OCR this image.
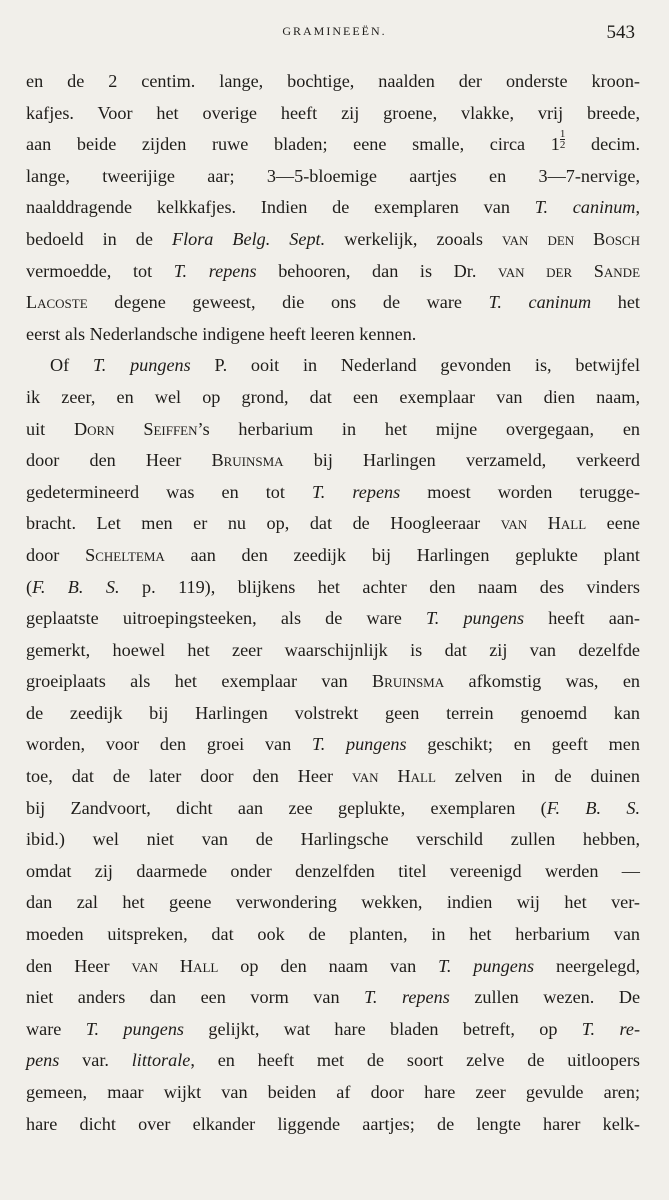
GRAMINEEËN.	543
en de 2 centim. lange, bochtige, naalden der onderste kroon-
kafjes. Voor het overige heeft zij groene, vlakke, vrij breede,
aan beide zijden ruwe bladen; eene smalle, circa $1 \frac{1}{2}$ decim.
lange, tweerijige aar; 3—5-bloemige aartjes en 3—7-nervige,
naalddragende kelkkafjes. Indien de exemplaren van T. caninum,
bedoeld in de Flora Belg. Sept. werkelijk, zooals van den Bosch
vermoedde, tot T. repens behooren, dan is Dr. van der Sande
Lacoste degene geweest, die ons de ware T. caninum het
eerst als Nederlandsche indigene heeft leeren kennen.
Of T. pungens P. ooit in Nederland gevonden is, betwijfel
ik zeer, en wel op grond, dat een exemplaar van dien naam,
uit Dorn Seiffen’s herbarium in het mijne overgegaan, en
door den Heer Bruinsma bij Harlingen verzameld, verkeerd
gedetermineerd was en tot T. repens moest worden terugge-
bracht. Let men er nu op, dat de Hoogleeraar van Hall eene
door Scheltema aan den zeedijk bij Harlingen geplukte plant
(F. B. S. p. 119), blijkens het achter den naam des vinders
geplaatste uitroepingsteeken, als de ware T. pungens heeft aan-
gemerkt, hoewel het zeer waarschijnlijk is dat zij van dezelfde
groeiplaats als het exemplaar van Bruinsma afkomstig was, en
de zeedijk bij Harlingen volstrekt geen terrein genoemd kan
worden, voor den groei van T. pungens geschikt; en geeft men
toe, dat de later door den Heer van Hall zelven in de duinen
bij Zandvoort, dicht aan zee geplukte, exemplaren (F. B. S.
ibid.) wel niet van de Harlingsche verschild zullen hebben,
omdat zij daarmede onder denzelfden titel vereenigd werden —
dan zal het geene verwondering wekken, indien wij het ver-
moeden uitspreken, dat ook de planten, in het herbarium van
den Heer van Hall op den naam van T. pungens neergelegd,
niet anders dan een vorm van T. repens zullen wezen. De
ware T. pungens gelijkt, wat hare bladen betreft, op T. re-
pens var. littorale, en heeft met de soort zelve de uitloopers
gemeen, maar wijkt van beiden af door hare zeer gevulde aren;
hare dicht over elkander liggende aartjes; de lengte harer kelk-
